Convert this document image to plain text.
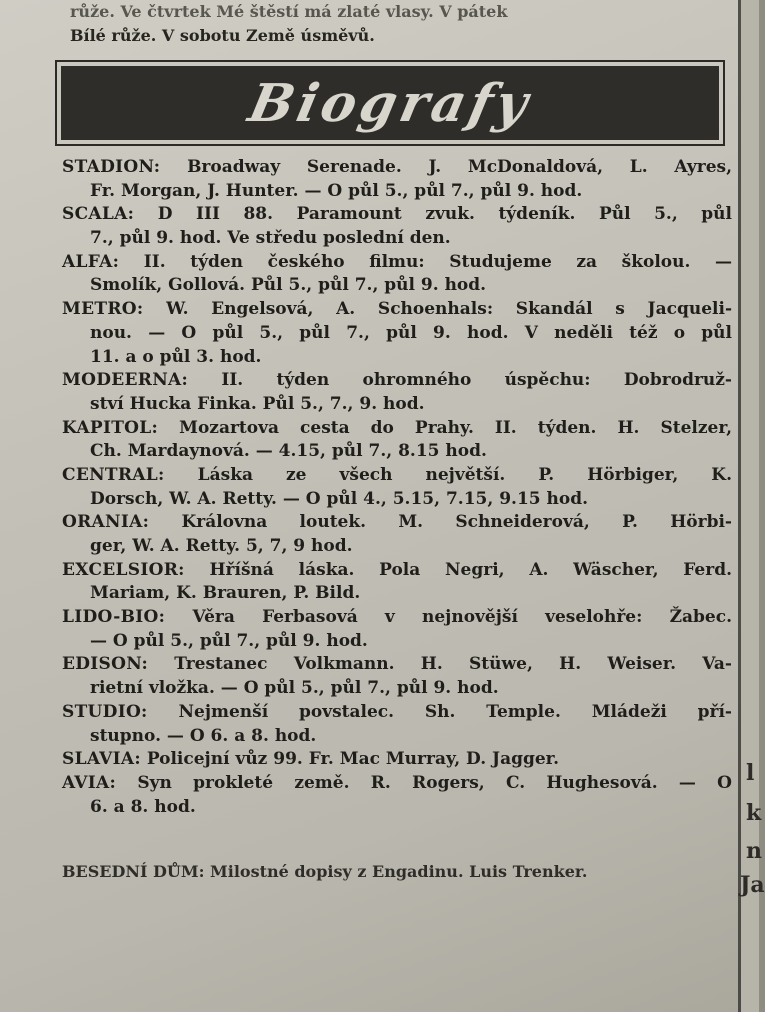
l
k
n
Ja
růže. Ve čtvrtek Mé štěstí má zlaté vlasy. V pátek
Bílé růže. V sobotu Země úsměvů.
Biografy
STADION: Broadway Serenade. J. McDonaldová, L. Ayres,
Fr. Morgan, J. Hunter. — O půl 5., půl 7., půl 9. hod.
SCALA: D III 88. Paramount zvuk. týdeník. Půl 5., půl
7., půl 9. hod. Ve středu poslední den.
ALFA: II. týden českého filmu: Studujeme za školou. —
Smolík, Gollová. Půl 5., půl 7., půl 9. hod.
METRO: W. Engelsová, A. Schoenhals: Skandál s Jacqueli-
nou. — O půl 5., půl 7., půl 9. hod. V neděli též o půl
11. a o půl 3. hod.
MODEERNA: II. týden ohromného úspěchu: Dobrodruž-
ství Hucka Finka. Půl 5., 7., 9. hod.
KAPITOL: Mozartova cesta do Prahy. II. týden. H. Stelzer,
Ch. Mardaynová. — 4.15, půl 7., 8.15 hod.
CENTRAL: Láska ze všech největší. P. Hörbiger, K.
Dorsch, W. A. Retty. — O půl 4., 5.15, 7.15, 9.15 hod.
ORANIA: Královna loutek. M. Schneiderová, P. Hörbi-
ger, W. A. Retty. 5, 7, 9 hod.
EXCELSIOR: Hříšná láska. Pola Negri, A. Wäscher, Ferd.
Mariam, K. Brauren, P. Bild.
LIDO-BIO: Věra Ferbasová v nejnovější veselohře: Žabec.
— O půl 5., půl 7., půl 9. hod.
EDISON: Trestanec Volkmann. H. Stüwe, H. Weiser. Va-
rietní vložka. — O půl 5., půl 7., půl 9. hod.
STUDIO: Nejmenší povstalec. Sh. Temple. Mládeži pří-
stupno. — O 6. a 8. hod.
SLAVIA: Policejní vůz 99. Fr. Mac Murray, D. Jagger.
AVIA: Syn prokleté země. R. Rogers, C. Hughesová. — O
6. a 8. hod.
BESEDNÍ DŮM: Milostné dopisy z Engadinu. Luis Trenker.
